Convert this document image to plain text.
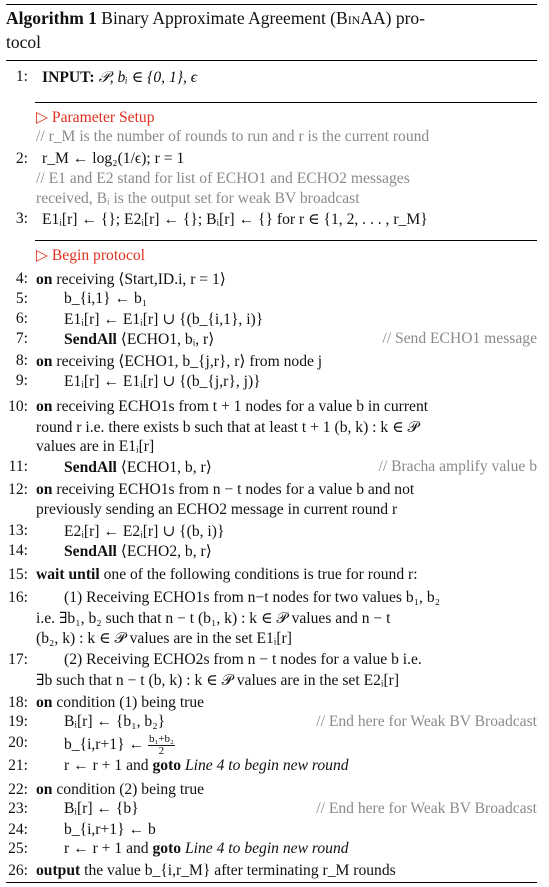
Algorithm 1 Binary Approximate Agreement (BinAA) pro-
tocol
1: INPUT: 𝒫, bᵢ ∈ {0, 1}, ϵ
▷ Parameter Setup
// r_M is the number of rounds to run and r is the current round
2: r_M ← log₂(1/ϵ); r = 1
// E1 and E2 stand for list of ECHO1 and ECHO2 messages
received, Bᵢ is the output set for weak BV broadcast
3: E1ᵢ[r] ← {}; E2ᵢ[r] ← {}; Bᵢ[r] ← {} for r ∈ {1, 2, . . . , r_M}
▷ Begin protocol
4: on receiving ⟨Start,ID.i, r = 1⟩
5: b_{i,1} ← b₁
6: E1ᵢ[r] ← E1ᵢ[r] ∪ {(b_{i,1}, i)}
7: SendAll ⟨ECHO1, bᵢ, r⟩	// Send ECHO1 message
8: on receiving ⟨ECHO1, b_{j,r}, r⟩ from node j
9: E1ᵢ[r] ← E1ᵢ[r] ∪ {(b_{j,r}, j)}
10: on receiving ECHO1s from t + 1 nodes for a value b in current
round r i.e. there exists b such that at least t + 1 (b, k) : k ∈ 𝒫
values are in E1ᵢ[r]
11: SendAll ⟨ECHO1, b, r⟩	// Bracha amplify value b
12: on receiving ECHO1s from n − t nodes for a value b and not
previously sending an ECHO2 message in current round r
13: E2ᵢ[r] ← E2ᵢ[r] ∪ {(b, i)}
14: SendAll ⟨ECHO2, b, r⟩
15: wait until one of the following conditions is true for round r:
16: (1) Receiving ECHO1s from n−t nodes for two values b₁, b₂
i.e. ∃b₁, b₂ such that n − t (b₁, k) : k ∈ 𝒫 values and n − t
(b₂, k) : k ∈ 𝒫 values are in the set E1ᵢ[r]
17: (2) Receiving ECHO2s from n − t nodes for a value b i.e.
∃b such that n − t (b, k) : k ∈ 𝒫 values are in the set E2ᵢ[r]
18: on condition (1) being true
19: Bᵢ[r] ← {b₁, b₂}	// End here for Weak BV Broadcast
20: b_{i,r+1} ← $\frac{\text{b₁+b₂}}{2}$
21: r ← r + 1 and goto Line 4 to begin new round
22: on condition (2) being true
23: Bᵢ[r] ← {b}	// End here for Weak BV Broadcast
24: b_{i,r+1} ← b
25: r ← r + 1 and goto Line 4 to begin new round
26: output the value b_{i,r_M} after terminating r_M rounds
